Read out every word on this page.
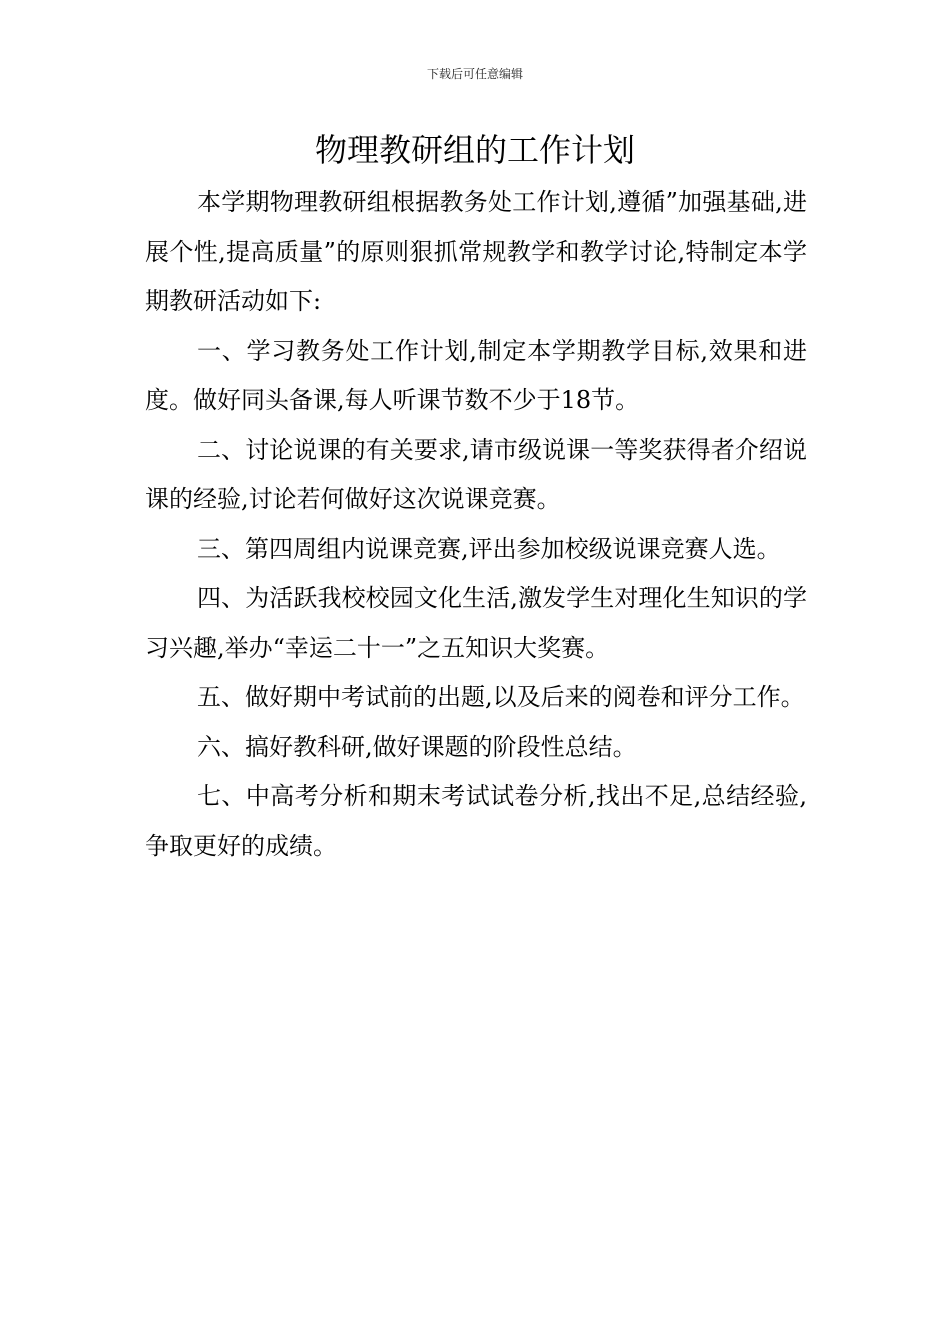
下载后可任意编辑
物理教研组的工作计划

本学期物理教研组根据教务处工作计划,遵循”加强基础,进展个性,提高质量”的原则狠抓常规教学和教学讨论,特制定本学期教研活动如下:

一、学习教务处工作计划,制定本学期教学目标,效果和进度。做好同头备课,每人听课节数不少于18节。

二、讨论说课的有关要求,请市级说课一等奖获得者介绍说课的经验,讨论若何做好这次说课竞赛。

三、第四周组内说课竞赛,评出参加校级说课竞赛人选。

四、为活跃我校校园文化生活,激发学生对理化生知识的学习兴趣,举办“幸运二十一”之五知识大奖赛。

五、做好期中考试前的出题,以及后来的阅卷和评分工作。

六、搞好教科研,做好课题的阶段性总结。

七、中高考分析和期末考试试卷分析,找出不足,总结经验,争取更好的成绩。
